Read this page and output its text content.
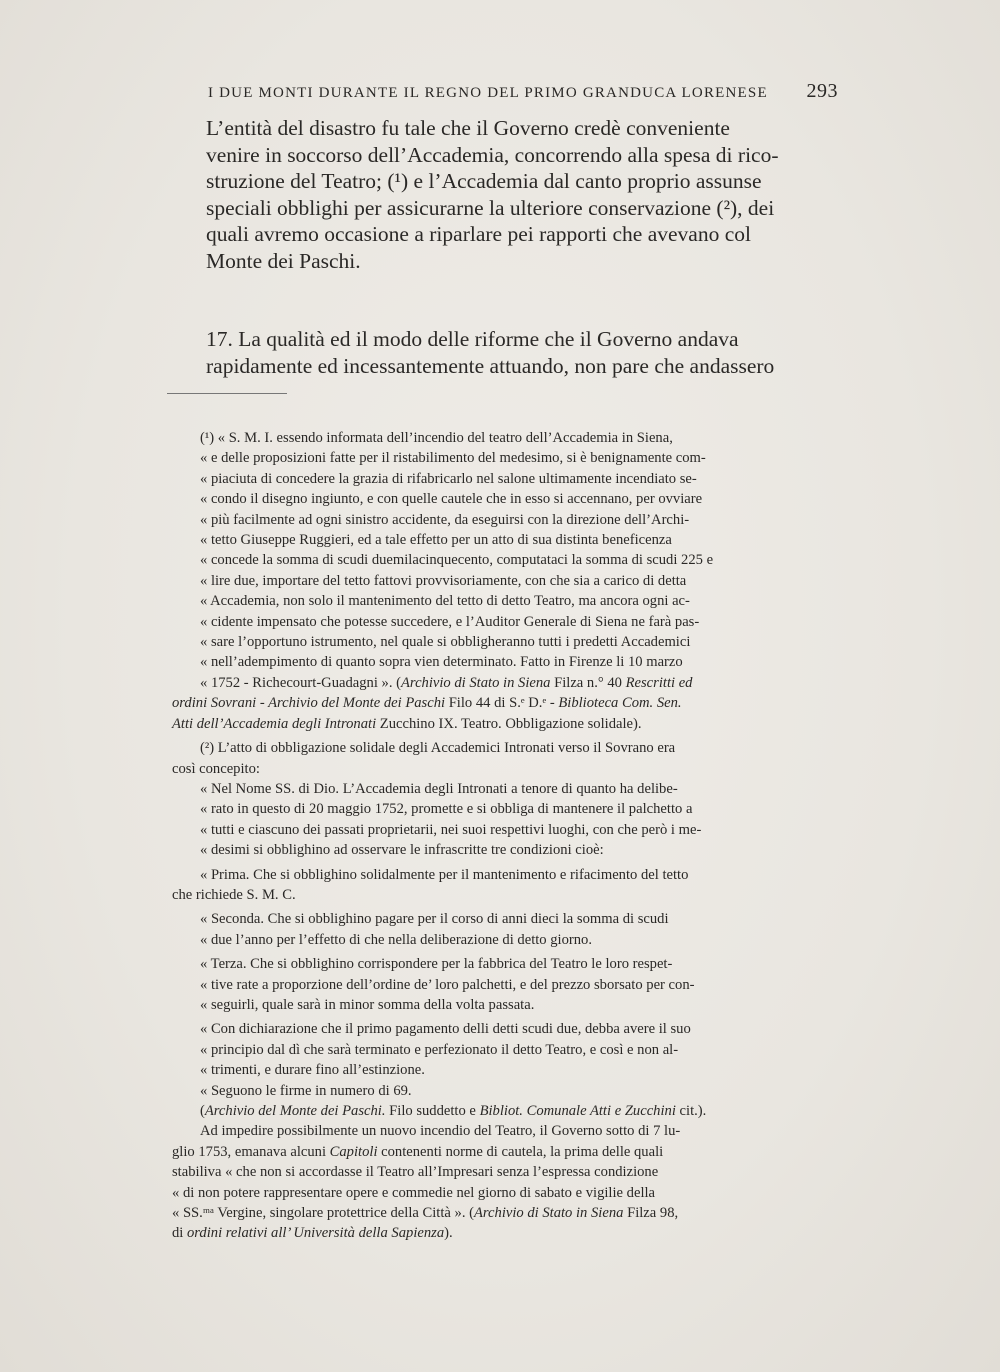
I DUE MONTI DURANTE IL REGNO DEL PRIMO GRANDUCA LORENESE 293

L’entità del disastro fu tale che il Governo credè conveniente
venire in soccorso dell’Accademia, concorrendo alla spesa di rico-
struzione del Teatro; (¹) e l’Accademia dal canto proprio assunse
speciali obblighi per assicurarne la ulteriore conservazione (²), dei
quali avremo occasione a riparlare pei rapporti che avevano col
Monte dei Paschi.

17. La qualità ed il modo delle riforme che il Governo andava
rapidamente ed incessantemente attuando, non pare che andassero

(¹) « S. M. I. essendo informata dell’incendio del teatro dell’Accademia in Siena,
« e delle proposizioni fatte per il ristabilimento del medesimo, si è benignamente com-
« piaciuta di concedere la grazia di rifabricarlo nel salone ultimamente incendiato se-
« condo il disegno ingiunto, e con quelle cautele che in esso si accennano, per ovviare
« più facilmente ad ogni sinistro accidente, da eseguirsi con la direzione dell’Archi-
« tetto Giuseppe Ruggieri, ed a tale effetto per un atto di sua distinta beneficenza
« concede la somma di scudi duemilacinquecento, computataci la somma di scudi 225 e
« lire due, importare del tetto fattovi provvisoriamente, con che sia a carico di detta
« Accademia, non solo il mantenimento del tetto di detto Teatro, ma ancora ogni ac-
« cidente impensato che potesse succedere, e l’Auditor Generale di Siena ne farà pas-
« sare l’opportuno istrumento, nel quale si obbligheranno tutti i predetti Accademici
« nell’adempimento di quanto sopra vien determinato. Fatto in Firenze li 10 marzo
« 1752 - Richecourt-Guadagni ». (Archivio di Stato in Siena Filza n.° 40 Rescritti ed
ordini Sovrani - Archivio del Monte dei Paschi Filo 44 di S.ᵉ D.ᵉ - Biblioteca Com. Sen.
Atti dell’Accademia degli Intronati Zucchino IX. Teatro. Obbligazione solidale).

(²) L’atto di obbligazione solidale degli Accademici Intronati verso il Sovrano era
così concepito:

« Nel Nome SS. di Dio. L’Accademia degli Intronati a tenore di quanto ha delibe-
« rato in questo di 20 maggio 1752, promette e si obbliga di mantenere il palchetto a
« tutti e ciascuno dei passati proprietarii, nei suoi respettivi luoghi, con che però i me-
« desimi si obblighino ad osservare le infrascritte tre condizioni cioè:

« Prima. Che si obblighino solidalmente per il mantenimento e rifacimento del tetto
che richiede S. M. C.

« Seconda. Che si obblighino pagare per il corso di anni dieci la somma di scudi
« due l’anno per l’effetto di che nella deliberazione di detto giorno.

« Terza. Che si obblighino corrispondere per la fabbrica del Teatro le loro respet-
« tive rate a proporzione dell’ordine de’ loro palchetti, e del prezzo sborsato per con-
« seguirli, quale sarà in minor somma della volta passata.

« Con dichiarazione che il primo pagamento delli detti scudi due, debba avere il suo
« principio dal dì che sarà terminato e perfezionato il detto Teatro, e così e non al-
« trimenti, e durare fino all’estinzione.

« Seguono le firme in numero di 69.

(Archivio del Monte dei Paschi. Filo suddetto e Bibliot. Comunale Atti e Zucchini cit.).

Ad impedire possibilmente un nuovo incendio del Teatro, il Governo sotto di 7 lu-
glio 1753, emanava alcuni Capitoli contenenti norme di cautela, la prima delle quali
stabiliva « che non si accordasse il Teatro all’Impresari senza l’espressa condizione
« di non potere rappresentare opere e commedie nel giorno di sabato e vigilie della
« SS.ᵐᵃ Vergine, singolare protettrice della Città ». (Archivio di Stato in Siena Filza 98,
di ordini relativi all’ Università della Sapienza).
